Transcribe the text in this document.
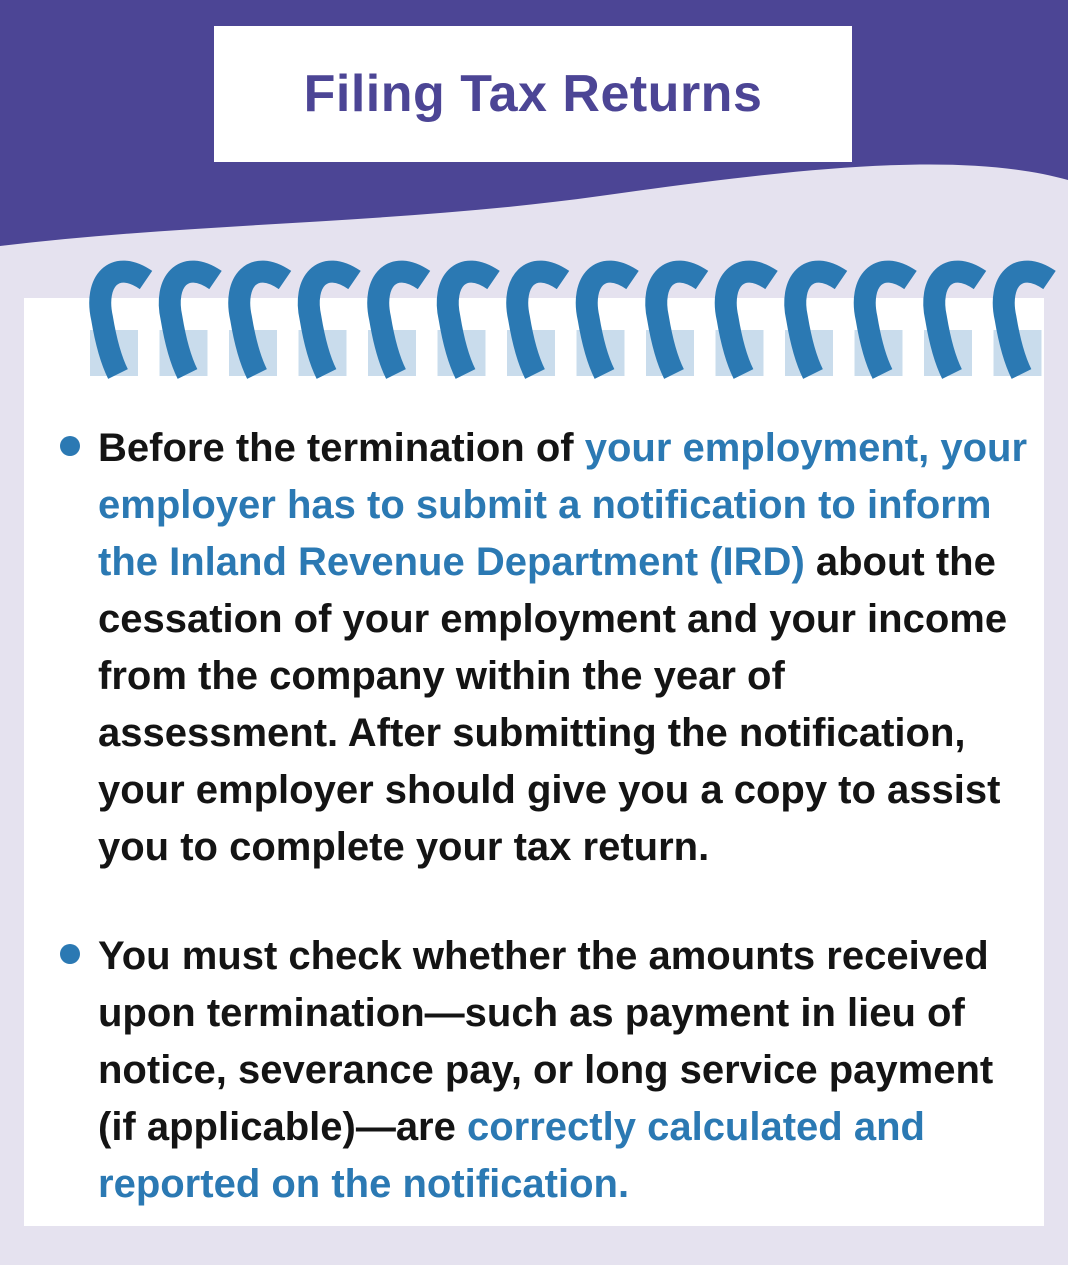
Filing Tax Returns

Before the termination of your employment, your employer has to submit a notification to inform the Inland Revenue Department (IRD) about the cessation of your employment and your income from the company within the year of assessment. After submitting the notification, your employer should give you a copy to assist you to complete your tax return.

You must check whether the amounts received upon termination—such as payment in lieu of notice, severance pay, or long service payment (if applicable)—are correctly calculated and reported on the notification.
